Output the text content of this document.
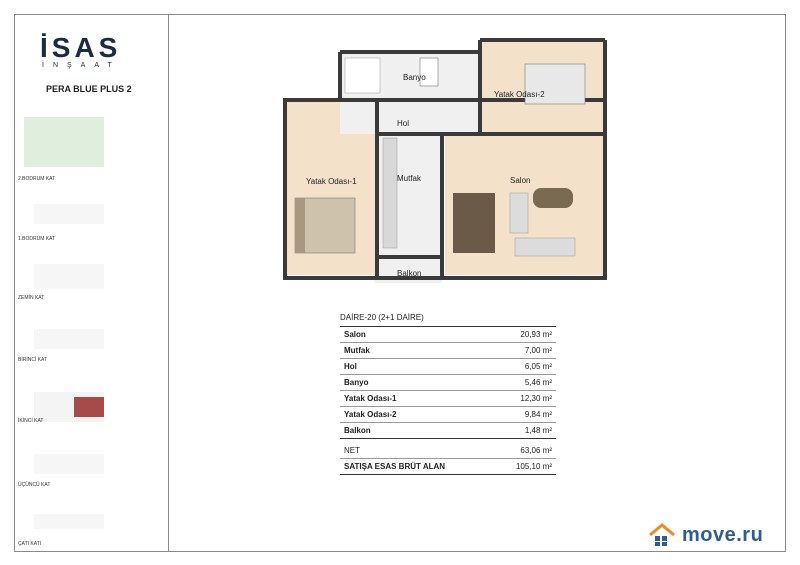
İSAS
İNŞAAT
PERA BLUE PLUS 2
2.BODRUM KAT
1.BODRUM KAT
ZEMİN KAT
BİRİNCİ KAT
İKİNCİ KAT
ÜÇÜNCÜ KAT
ÇATI KATI
Banyo
Yatak Odası-2
Hol
Yatak Odası-1	Mutfak	Salon
Balkon
DAİRE-20 (2+1 DAİRE)
Salon	20,93 m²
Mutfak	7,00 m²
Hol	6,05 m²
Banyo	5,46 m²
Yatak Odası-1	12,30 m²
Yatak Odası-2	9,84 m²
Balkon	1,48 m²
NET	63,06 m²
SATIŞA ESAS BRÜT ALAN	105,10 m²
move.ru
